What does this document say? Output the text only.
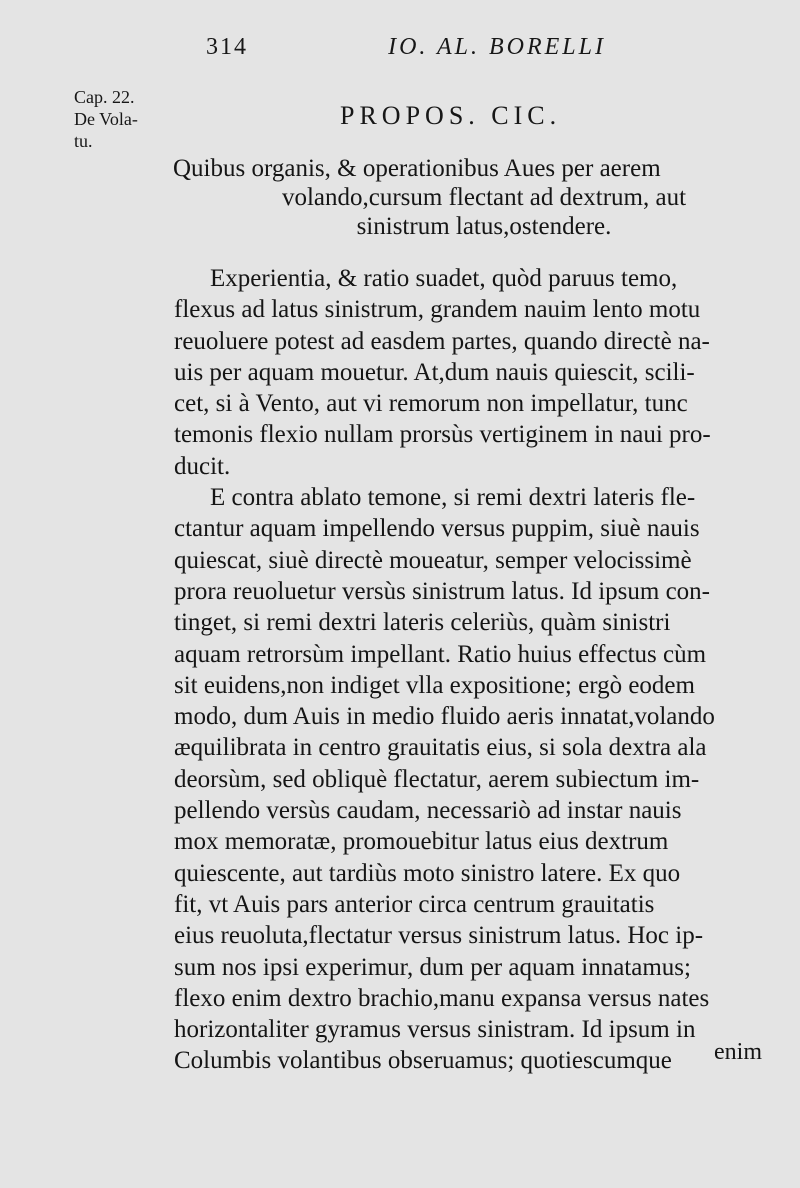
314	IO. AL. BORELLI
Cap. 22.
De Vola-
tu.
PROPOS. CIC.
Quibus organis, & operationibus Aues per aerem
volando,cursum flectant ad dextrum, aut
sinistrum latus,ostendere.
Experientia, & ratio suadet, quòd paruus temo,
flexus ad latus sinistrum, grandem nauim lento motu
reuoluere potest ad easdem partes, quando directè na-
uis per aquam mouetur. At,dum nauis quiescit, scili-
cet, si à Vento, aut vi remorum non impellatur, tunc
temonis flexio nullam prorsùs vertiginem in naui pro-
ducit.
E contra ablato temone, si remi dextri lateris fle-
ctantur aquam impellendo versus puppim, siuè nauis
quiescat, siuè directè moueatur, semper velocissimè
prora reuoluetur versùs sinistrum latus. Id ipsum con-
tinget, si remi dextri lateris celeriùs, quàm sinistri
aquam retrorsùm impellant. Ratio huius effectus cùm
sit euidens,non indiget vlla expositione; ergò eodem
modo, dum Auis in medio fluido aeris innatat,volando
æquilibrata in centro grauitatis eius, si sola dextra ala
deorsùm, sed obliquè flectatur, aerem subiectum im-
pellendo versùs caudam, necessariò ad instar nauis
mox memoratæ, promouebitur latus eius dextrum
quiescente, aut tardiùs moto sinistro latere. Ex quo
fit, vt Auis pars anterior circa centrum grauitatis
eius reuoluta,flectatur versus sinistrum latus. Hoc ip-
sum nos ipsi experimur, dum per aquam innatamus;
flexo enim dextro brachio,manu expansa versus nates
horizontaliter gyramus versus sinistram. Id ipsum in
Columbis volantibus obseruamus; quotiescumque	enim
